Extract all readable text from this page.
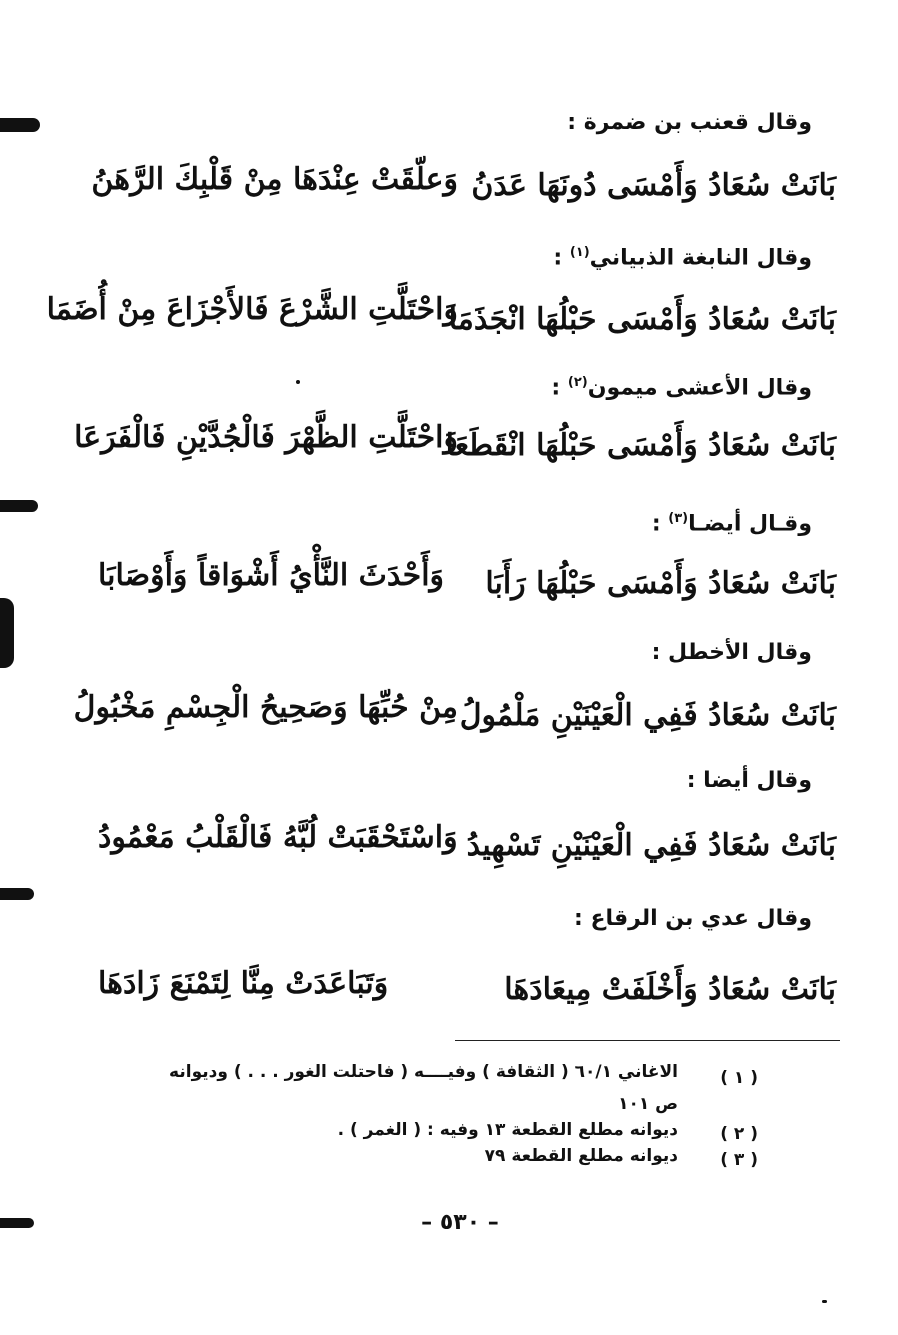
وقال قعنب بن ضمرة :
بَانَتْ سُعَادُ وَأَمْسَى دُونَهَا عَدَنُ
وَعلّقَتْ عِنْدَهَا مِنْ قَلْبِكَ الرَّهَنُ
وقال النابغة الذبياني$^{(١)}$ :
بَانَتْ سُعَادُ وَأَمْسَى حَبْلُهَا انْجَذَمَا
وَاحْتَلَّتِ الشَّرْعَ فَالأَجْزَاعَ مِنْ أُضَمَا
وقال الأعشى ميمون$^{(٢)}$ :
بَانَتْ سُعَادُ وَأَمْسَى حَبْلُهَا انْقَطَعَا
وَاحْتَلَّتِ الظَّهْرَ فَالْجُدَّيْنِ فَالْفَرَعَا
وقـال أيضـا$^{(٣)}$ :
بَانَتْ سُعَادُ وَأَمْسَى حَبْلُهَا رَأَبَا
وَأَحْدَثَ النَّأْيُ أَشْوَاقاً وَأَوْصَابَا
وقال الأخطل :
بَانَتْ سُعَادُ فَفِي الْعَيْنَيْنِ مَلْمُولُ
مِنْ حُبِّهَا وَصَحِيحُ الْجِسْمِ مَخْبُولُ
وقال أيضا :
بَانَتْ سُعَادُ فَفِي الْعَيْنَيْنِ تَسْهِيدُ
وَاسْتَحْقَبَتْ لُبَّهُ فَالْقَلْبُ مَعْمُودُ
وقال عدي بن الرقاع :
بَانَتْ سُعَادُ وَأَخْلَفَتْ مِيعَادَهَا
وَتَبَاعَدَتْ مِنَّا لِتَمْنَعَ زَادَهَا
( ١ )
الاغاني ٦٠/١ ( الثقافة ) وفيــــه ( فاحتلت الغور . . . ) وديوانه
ص ١٠١
( ٢ )
ديوانه مطلع القطعة ١٣ وفيه : ( الغمر ) .
( ٣ )
ديوانه مطلع القطعة ٧٩
– ٥٣٠ –
